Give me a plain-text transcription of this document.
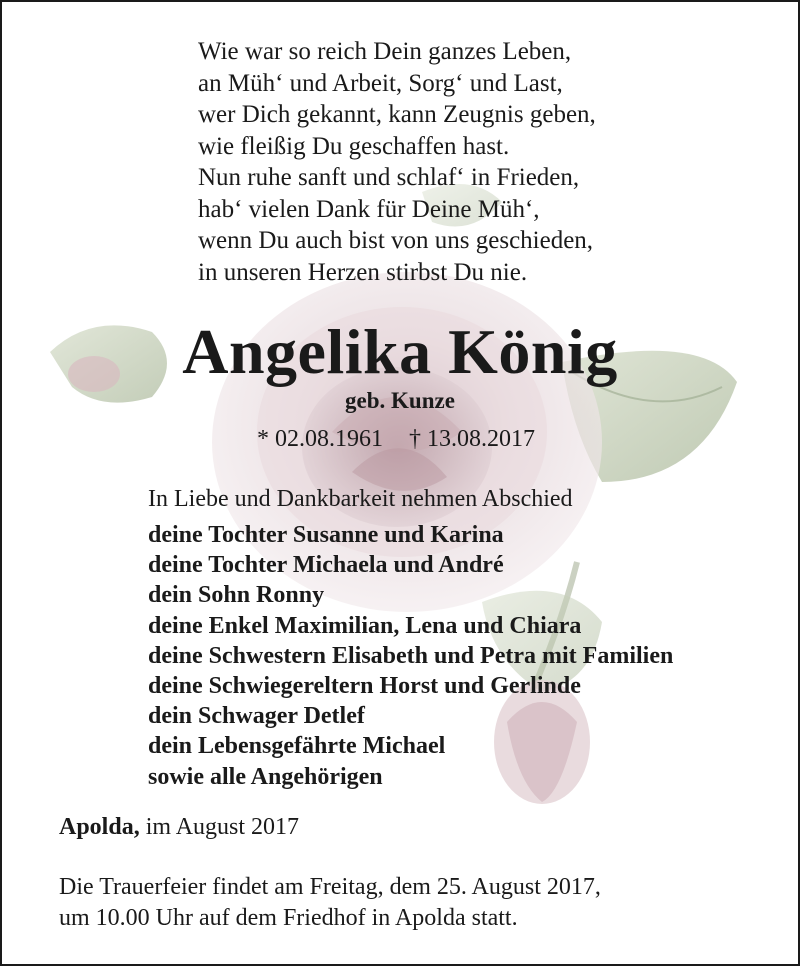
Wie war so reich Dein ganzes Leben,
an Müh‘ und Arbeit, Sorg‘ und Last,
wer Dich gekannt, kann Zeugnis geben,
wie fleißig Du geschaffen hast.
Nun ruhe sanft und schlaf‘ in Frieden,
hab‘ vielen Dank für Deine Müh‘,
wenn Du auch bist von uns geschieden,
in unseren Herzen stirbst Du nie.
Angelika König
geb. Kunze
* 02.08.1961 † 13.08.2017
In Liebe und Dankbarkeit nehmen Abschied
deine Tochter Susanne und Karina
deine Tochter Michaela und André
dein Sohn Ronny
deine Enkel Maximilian, Lena und Chiara
deine Schwestern Elisabeth und Petra mit Familien
deine Schwiegereltern Horst und Gerlinde
dein Schwager Detlef
dein Lebensgefährte Michael
sowie alle Angehörigen
Apolda, im August 2017
Die Trauerfeier findet am Freitag, dem 25. August 2017,
um 10.00 Uhr auf dem Friedhof in Apolda statt.
